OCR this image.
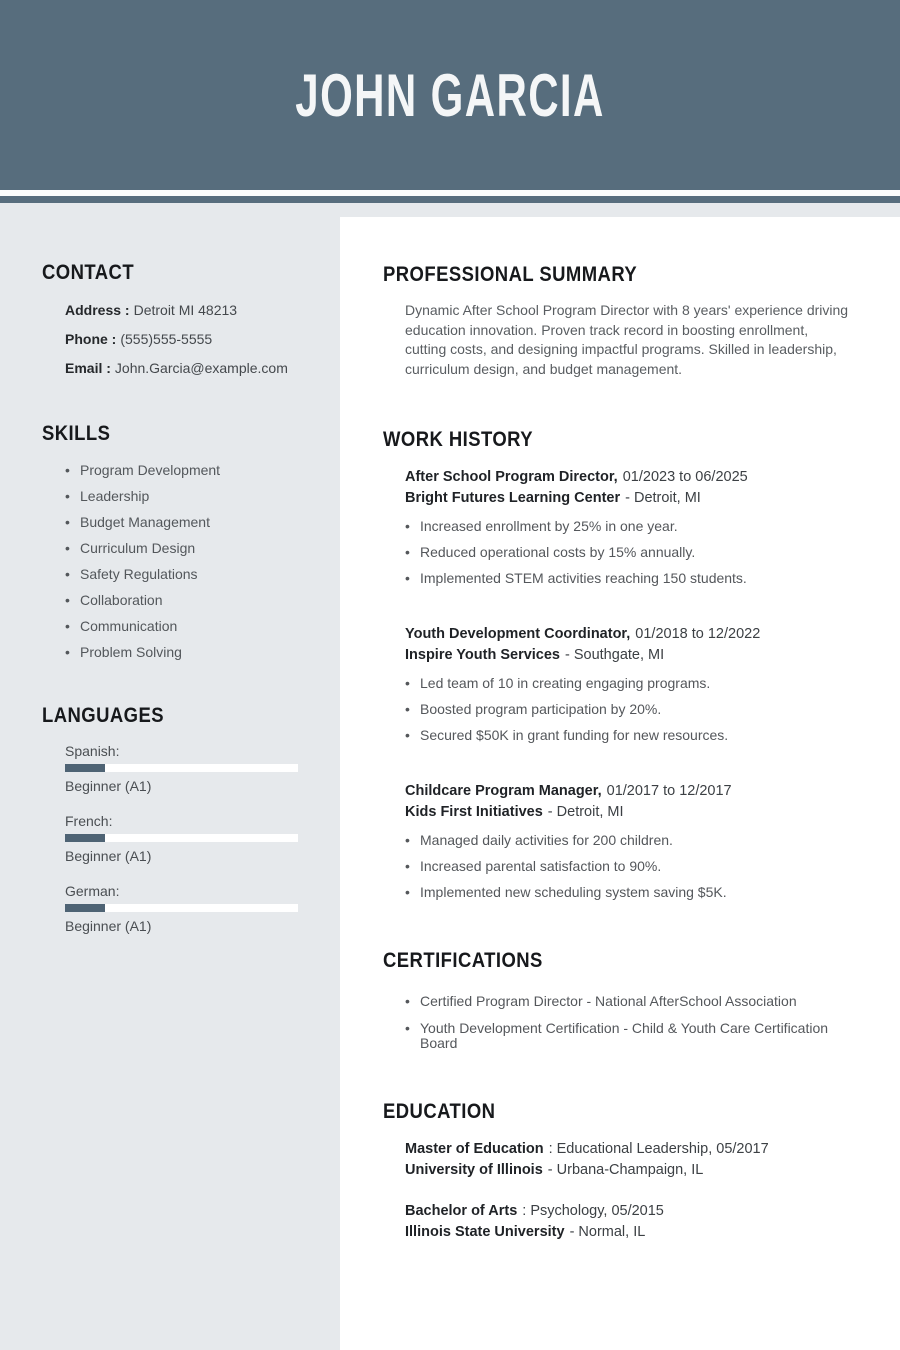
JOHN GARCIA
CONTACT
Address : Detroit MI 48213
Phone : (555)555-5555
Email : John.Garcia@example.com
SKILLS
• Program Development
• Leadership
• Budget Management
• Curriculum Design
• Safety Regulations
• Collaboration
• Communication
• Problem Solving
LANGUAGES
Spanish:
Beginner (A1)
French:
Beginner (A1)
German:
Beginner (A1)
PROFESSIONAL SUMMARY
Dynamic After School Program Director with 8 years' experience driving education innovation. Proven track record in boosting enrollment, cutting costs, and designing impactful programs. Skilled in leadership, curriculum design, and budget management.
WORK HISTORY
After School Program Director, 01/2023 to 06/2025
Bright Futures Learning Center - Detroit, MI
• Increased enrollment by 25% in one year.
• Reduced operational costs by 15% annually.
• Implemented STEM activities reaching 150 students.
Youth Development Coordinator, 01/2018 to 12/2022
Inspire Youth Services - Southgate, MI
• Led team of 10 in creating engaging programs.
• Boosted program participation by 20%.
• Secured $50K in grant funding for new resources.
Childcare Program Manager, 01/2017 to 12/2017
Kids First Initiatives - Detroit, MI
• Managed daily activities for 200 children.
• Increased parental satisfaction to 90%.
• Implemented new scheduling system saving $5K.
CERTIFICATIONS
• Certified Program Director - National AfterSchool Association
• Youth Development Certification - Child & Youth Care Certification Board
EDUCATION
Master of Education : Educational Leadership, 05/2017
University of Illinois - Urbana-Champaign, IL
Bachelor of Arts : Psychology, 05/2015
Illinois State University - Normal, IL
